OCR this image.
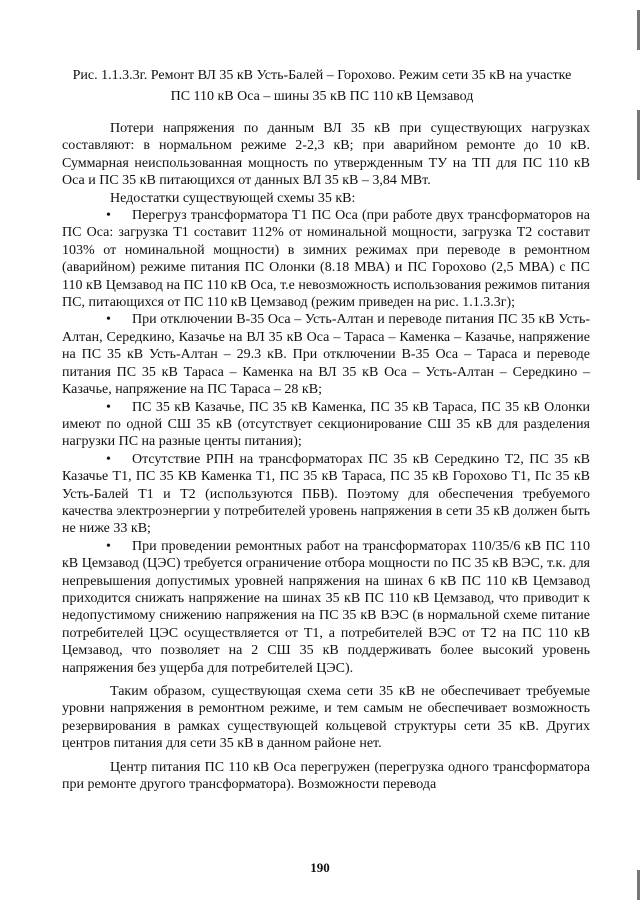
Рис. 1.1.3.3г. Ремонт ВЛ 35 кВ Усть-Балей – Горохово. Режим сети 35 кВ на участке ПС 110 кВ Оса – шины 35 кВ ПС 110 кВ Цемзавод

Потери напряжения по данным ВЛ 35 кВ при существующих нагрузках составляют: в нормальном режиме 2-2,3 кВ; при аварийном ремонте до 10 кВ. Суммарная неиспользованная мощность по утвержденным ТУ на ТП для ПС 110 кВ Оса и ПС 35 кВ питающихся от данных ВЛ 35 кВ – 3,84 МВт.

Недостатки существующей схемы 35 кВ:

• Перегруз трансформатора Т1 ПС Оса (при работе двух трансформаторов на ПС Оса: загрузка Т1 составит 112% от номинальной мощности, загрузка Т2 составит 103% от номинальной мощности) в зимних режимах при переводе в ремонтном (аварийном) режиме питания ПС Олонки (8.18 МВА) и ПС Горохово (2,5 МВА) с ПС 110 кВ Цемзавод на ПС 110 кВ Оса, т.е невозможность использования режимов питания ПС, питающихся от ПС 110 кВ Цемзавод (режим приведен на рис. 1.1.3.3г);

• При отключении В-35 Оса – Усть-Алтан и переводе питания ПС 35 кВ Усть-Алтан, Середкино, Казачье на ВЛ 35 кВ Оса – Тараса – Каменка – Казачье, напряжение на ПС 35 кВ Усть-Алтан – 29.3 кВ. При отключении В-35 Оса – Тараса и переводе питания ПС 35 кВ Тараса – Каменка на ВЛ 35 кВ Оса – Усть-Алтан – Середкино – Казачье, напряжение на ПС Тараса – 28 кВ;

• ПС 35 кВ Казачье, ПС 35 кВ Каменка, ПС 35 кВ Тараса, ПС 35 кВ Олонки имеют по одной СШ 35 кВ (отсутствует секционирование СШ 35 кВ для разделения нагрузки ПС на разные центы питания);

• Отсутствие РПН на трансформаторах ПС 35 кВ Середкино Т2, ПС 35 кВ Казачье Т1, ПС 35 КВ Каменка Т1, ПС 35 кВ Тараса, ПС 35 кВ Горохово Т1, Пс 35 кВ Усть-Балей Т1 и Т2 (используются ПБВ). Поэтому для обеспечения требуемого качества электроэнергии у потребителей уровень напряжения в сети 35 кВ должен быть не ниже 33 кВ;

• При проведении ремонтных работ на трансформаторах 110/35/6 кВ ПС 110 кВ Цемзавод (ЦЭС) требуется ограничение отбора мощности по ПС 35 кВ ВЭС, т.к. для непревышения допустимых уровней напряжения на шинах 6 кВ ПС 110 кВ Цемзавод приходится снижать напряжение на шинах 35 кВ ПС 110 кВ Цемзавод, что приводит к недопустимому снижению напряжения на ПС 35 кВ ВЭС (в нормальной схеме питание потребителей ЦЭС осуществляется от Т1, а потребителей ВЭС от Т2 на ПС 110 кВ Цемзавод, что позволяет на 2 СШ 35 кВ поддерживать более высокий уровень напряжения без ущерба для потребителей ЦЭС).

Таким образом, существующая схема сети 35 кВ не обеспечивает требуемые уровни напряжения в ремонтном режиме, и тем самым не обеспечивает возможность резервирования в рамках существующей кольцевой структуры сети 35 кВ. Других центров питания для сети 35 кВ в данном районе нет.

Центр питания ПС 110 кВ Оса перегружен (перегрузка одного трансформатора при ремонте другого трансформатора). Возможности перевода

190
